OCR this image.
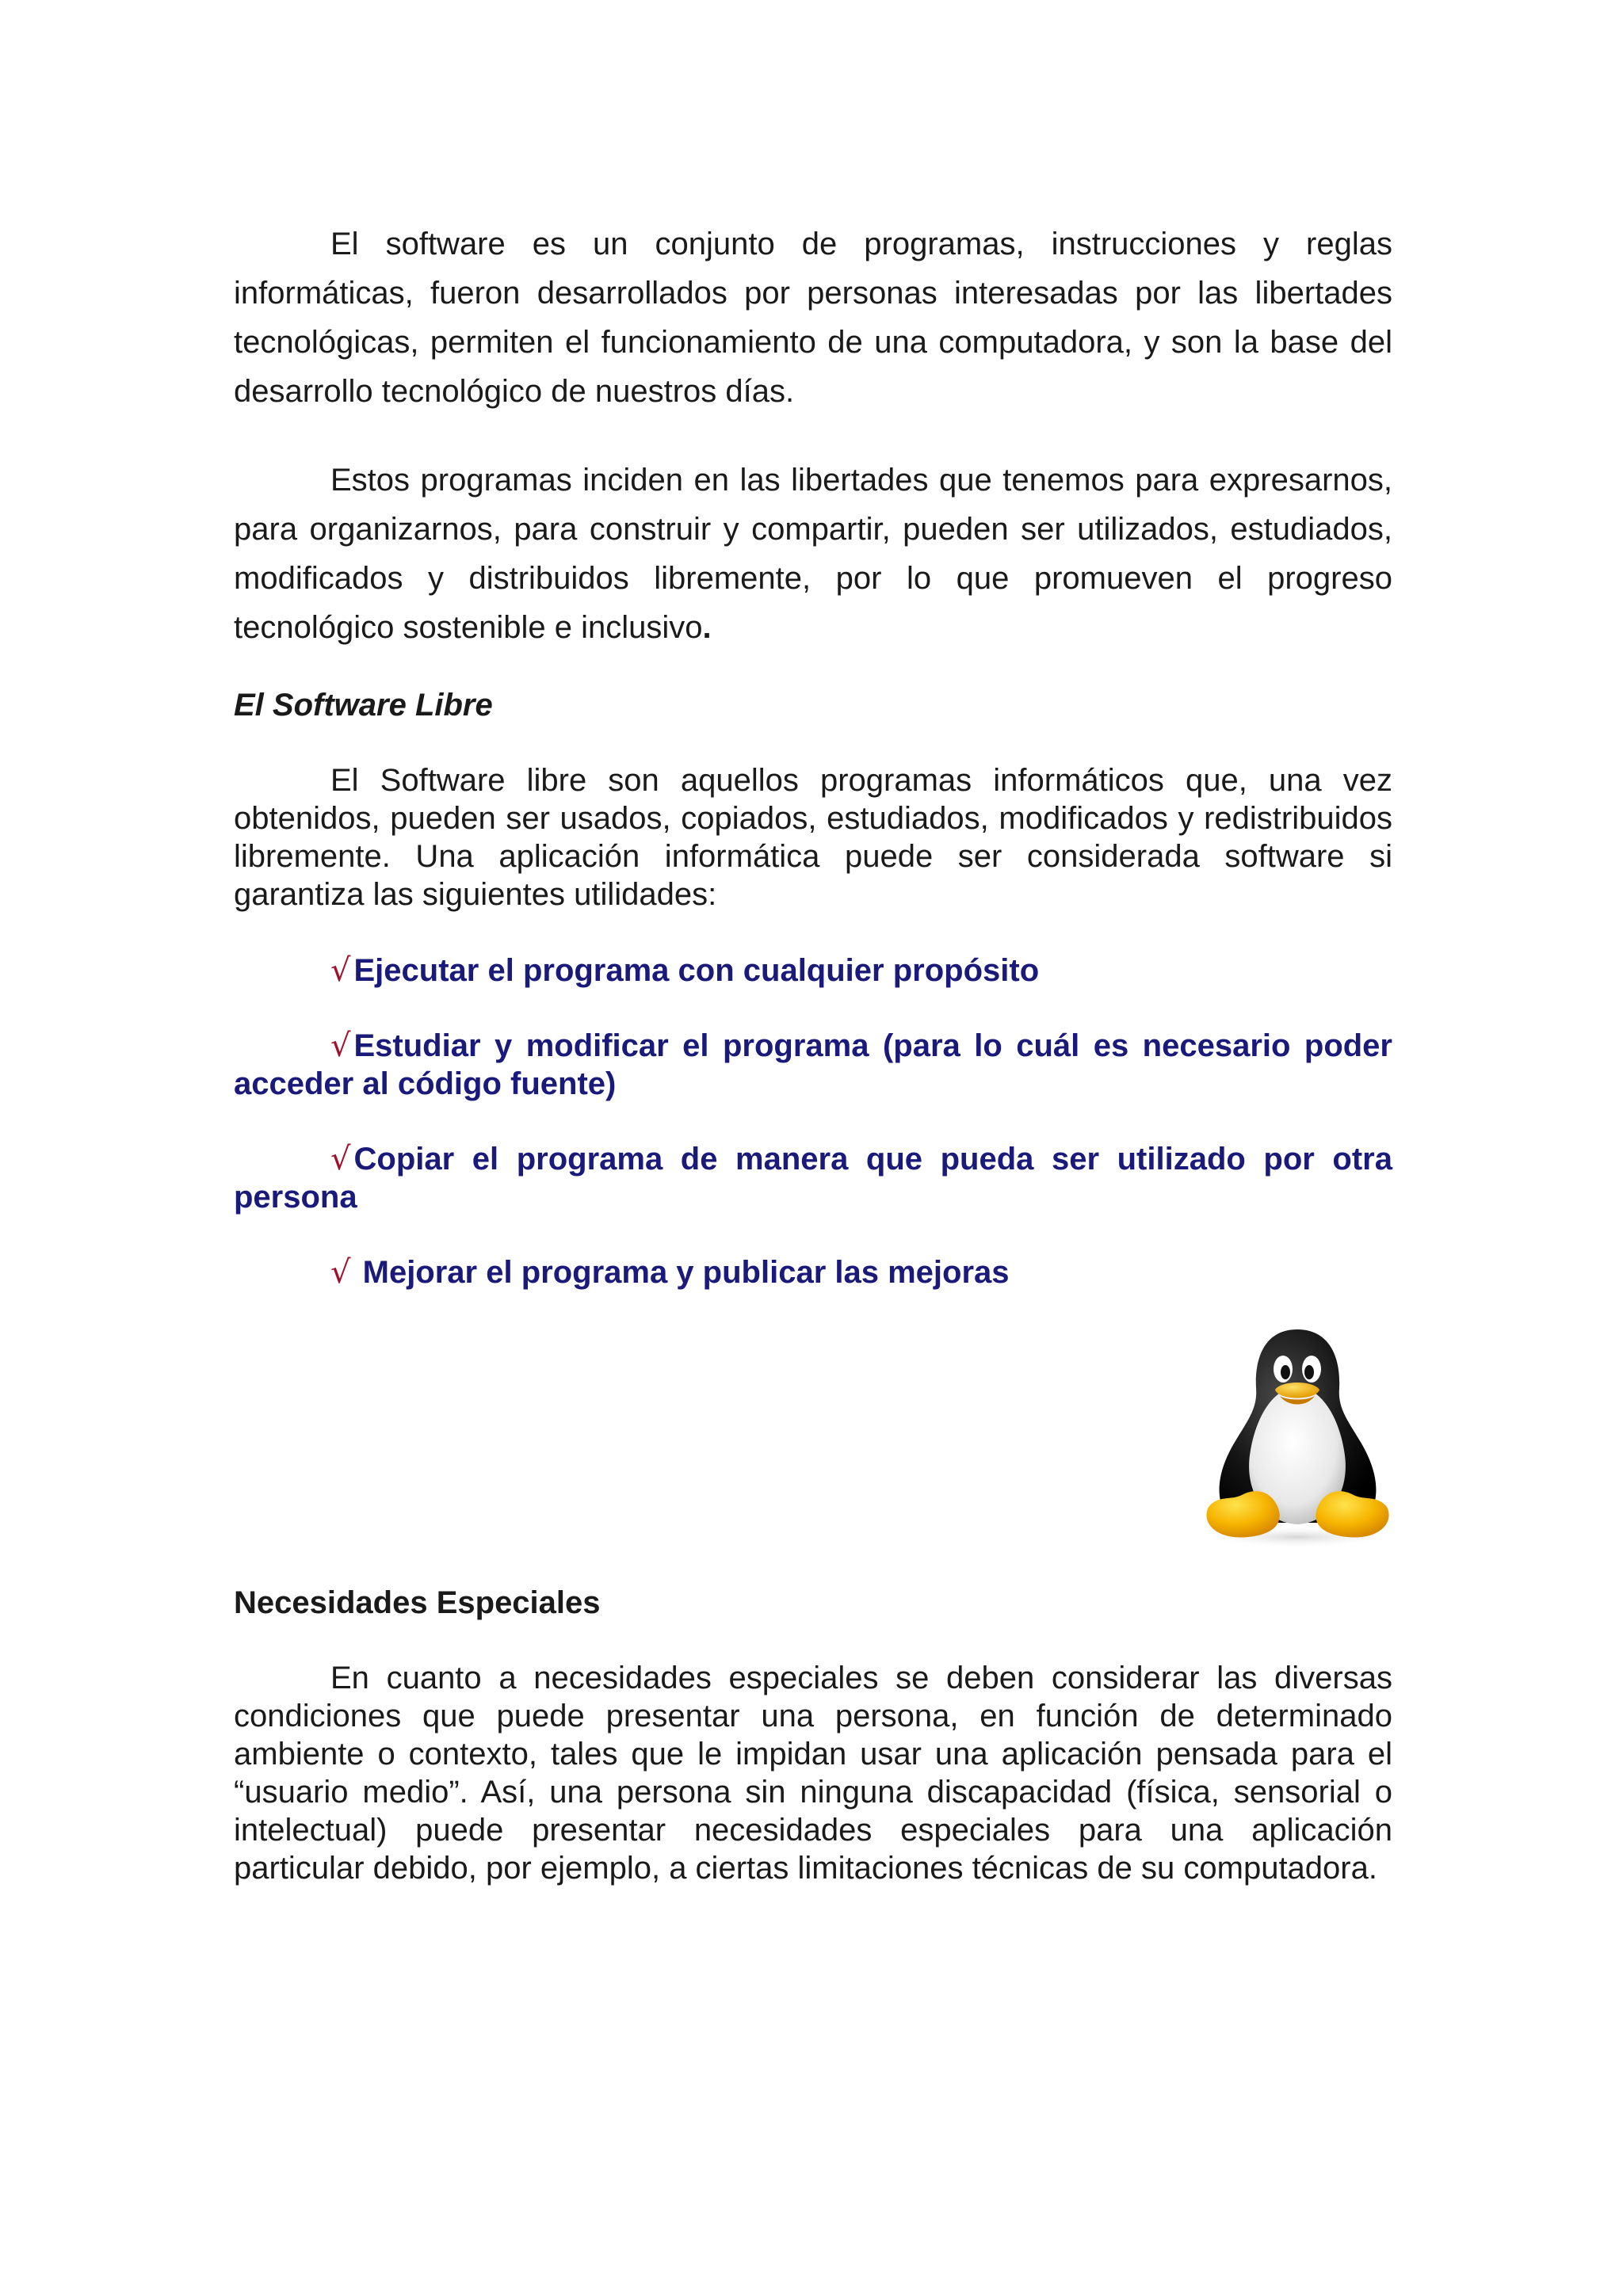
El software es un conjunto de programas, instrucciones y reglas informáticas, fueron desarrollados por personas interesadas por las libertades tecnológicas, permiten el funcionamiento de una computadora, y son la base del desarrollo tecnológico de nuestros días.

Estos programas inciden en las libertades que tenemos para expresarnos, para organizarnos, para construir y compartir, pueden ser utilizados, estudiados, modificados y distribuidos libremente, por lo que promueven el progreso tecnológico sostenible e inclusivo.

El Software Libre

El Software libre son aquellos programas informáticos que, una vez obtenidos, pueden ser usados, copiados, estudiados, modificados y redistribuidos libremente. Una aplicación informática puede ser considerada software si garantiza las siguientes utilidades:

√ Ejecutar el programa con cualquier propósito
√ Estudiar y modificar el programa (para lo cuál es necesario poder acceder al código fuente)
√ Copiar el programa de manera que pueda ser utilizado por otra persona
√ Mejorar el programa y publicar las mejoras
Necesidades Especiales

En cuanto a necesidades especiales se deben considerar las diversas condiciones que puede presentar una persona, en función de determinado ambiente o contexto, tales que le impidan usar una aplicación pensada para el “usuario medio”. Así, una persona sin ninguna discapacidad (física, sensorial o intelectual) puede presentar necesidades especiales para una aplicación particular debido, por ejemplo, a ciertas limitaciones técnicas de su computadora.
